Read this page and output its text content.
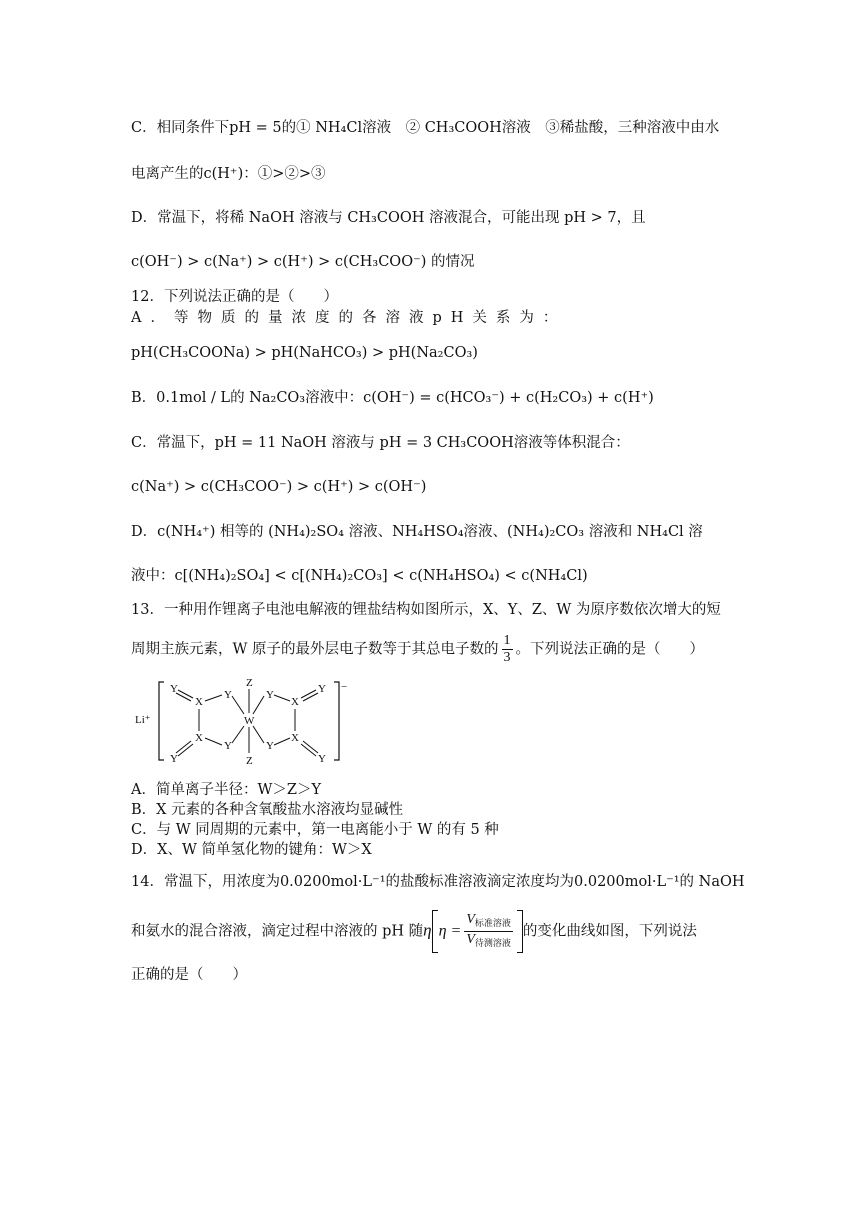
C．相同条件下pH = 5的① NH₄Cl溶液　② CH₃COOH溶液　③稀盐酸，三种溶液中由水
电离产生的c(H⁺)：①>②>③
D．常温下，将稀 NaOH 溶液与 CH₃COOH 溶液混合，可能出现 pH > 7，且
c(OH⁻) > c(Na⁺) > c(H⁺) > c(CH₃COO⁻) 的情况
12．下列说法正确的是（　　）
A．等物质的量浓度的各溶液pH关系为：
pH(CH₃COONa) > pH(NaHCO₃) > pH(Na₂CO₃)
B．0.1mol / L的 Na₂CO₃溶液中：c(OH⁻) = c(HCO₃⁻) + c(H₂CO₃) + c(H⁺)
C．常温下，pH = 11 NaOH 溶液与 pH = 3 CH₃COOH溶液等体积混合：
c(Na⁺) > c(CH₃COO⁻) > c(H⁺) > c(OH⁻)
D．c(NH₄⁺) 相等的 (NH₄)₂SO₄ 溶液、NH₄HSO₄溶液、(NH₄)₂CO₃ 溶液和 NH₄Cl 溶
液中：c[(NH₄)₂SO₄] < c[(NH₄)₂CO₃] < c(NH₄HSO₄) < c(NH₄Cl)
13．一种用作锂离子电池电解液的锂盐结构如图所示，X、Y、Z、W 为原序数依次增大的短
周期主族元素，W 原子的最外层电子数等于其总电子数的 $\frac{1}{3}$ 。下列说法正确的是（　　）
Li⁺
−
Y
X
Y
Z
W
Y
X
Y
X
Y
Z
Y
X
Y	Y
A．简单离子半径：W＞Z＞Y
B．X 元素的各种含氧酸盐水溶液均显碱性
C．与 W 同周期的元素中，第一电离能小于 W 的有 5 种
D．X、W 简单氢化物的键角：W＞X
14．常温下，用浓度为0.0200mol·L⁻¹的盐酸标准溶液滴定浓度均为0.0200mol·L⁻¹的 NaOH
和氨水的混合溶液，滴定过程中溶液的 pH 随η $\eta = \frac{V_{标准溶液}}{V_{待测溶液}}$ 的变化曲线如图，下列说法
正确的是（　　）
